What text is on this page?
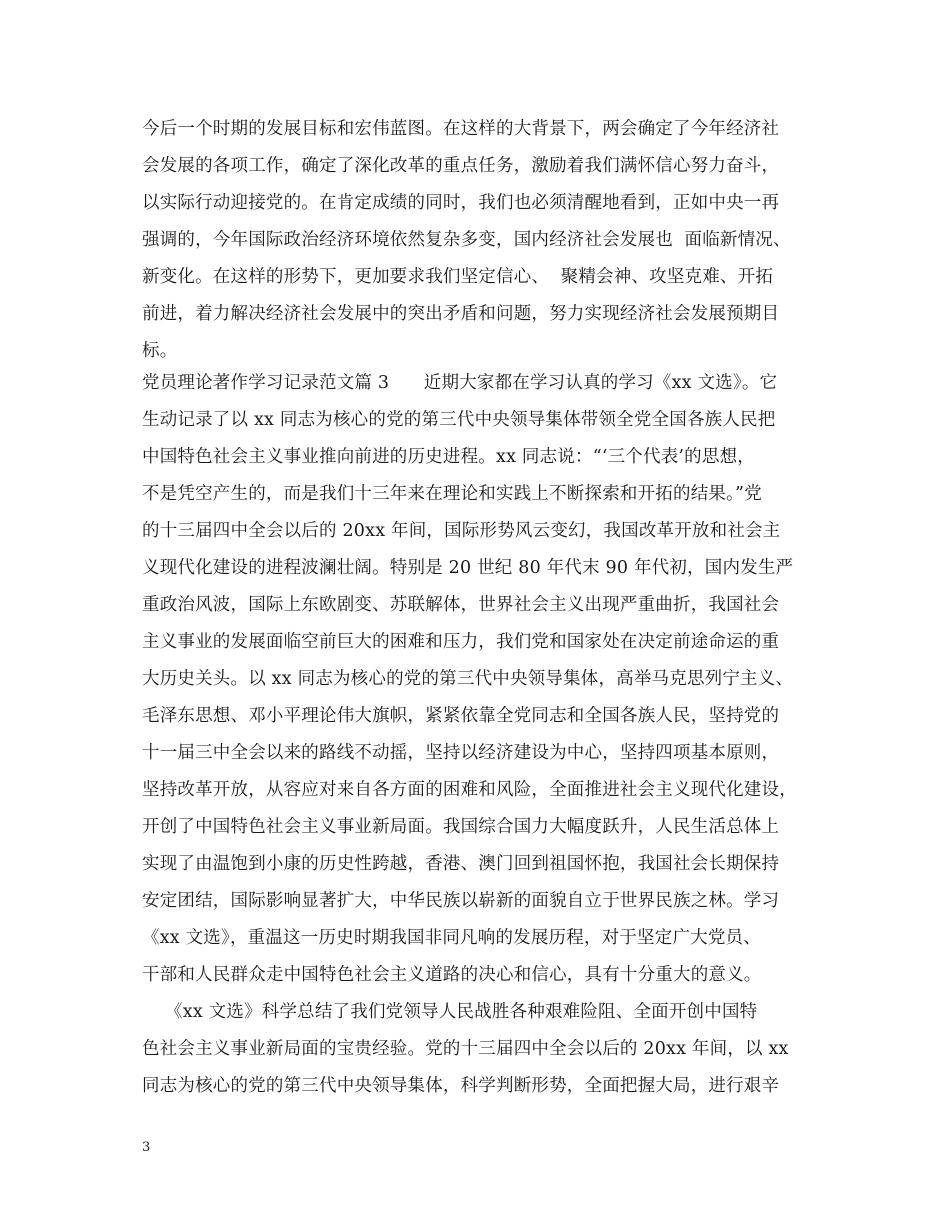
今后一个时期的发展目标和宏伟蓝图。在这样的大背景下，两会确定了今年经济社
会发展的各项工作，确定了深化改革的重点任务，激励着我们满怀信心努力奋斗，
以实际行动迎接党的。在肯定成绩的同时，我们也必须清醒地看到，正如中央一再
强调的，今年国际政治经济环境依然复杂多变，国内经济社会发展也  面临新情况、
新变化。在这样的形势下，更加要求我们坚定信心、  聚精会神、攻坚克难、开拓
前进，着力解决经济社会发展中的突出矛盾和问题，努力实现经济社会发展预期目
标。
党员理论著作学习记录范文篇 3      近期大家都在学习认真的学习《xx 文选》。它
生动记录了以 xx 同志为核心的党的第三代中央领导集体带领全党全国各族人民把
中国特色社会主义事业推向前进的历史进程。xx 同志说：“‘三个代表’的思想，
不是凭空产生的，而是我们十三年来在理论和实践上不断探索和开拓的结果。”党
的十三届四中全会以后的 20xx 年间，国际形势风云变幻，我国改革开放和社会主
义现代化建设的进程波澜壮阔。特别是 20 世纪 80 年代末 90 年代初，国内发生严
重政治风波，国际上东欧剧变、苏联解体，世界社会主义出现严重曲折，我国社会
主义事业的发展面临空前巨大的困难和压力，我们党和国家处在决定前途命运的重
大历史关头。以 xx 同志为核心的党的第三代中央领导集体，高举马克思列宁主义、
毛泽东思想、邓小平理论伟大旗帜，紧紧依靠全党同志和全国各族人民，坚持党的
十一届三中全会以来的路线不动摇，坚持以经济建设为中心，坚持四项基本原则，
坚持改革开放，从容应对来自各方面的困难和风险，全面推进社会主义现代化建设，
开创了中国特色社会主义事业新局面。我国综合国力大幅度跃升，人民生活总体上
实现了由温饱到小康的历史性跨越，香港、澳门回到祖国怀抱，我国社会长期保持
安定团结，国际影响显著扩大，中华民族以崭新的面貌自立于世界民族之林。学习
《xx 文选》，重温这一历史时期我国非同凡响的发展历程，对于坚定广大党员、
干部和人民群众走中国特色社会主义道路的决心和信心，具有十分重大的意义。
《xx 文选》科学总结了我们党领导人民战胜各种艰难险阻、全面开创中国特
色社会主义事业新局面的宝贵经验。党的十三届四中全会以后的 20xx 年间，以 xx
同志为核心的党的第三代中央领导集体，科学判断形势，全面把握大局，进行艰辛
3
